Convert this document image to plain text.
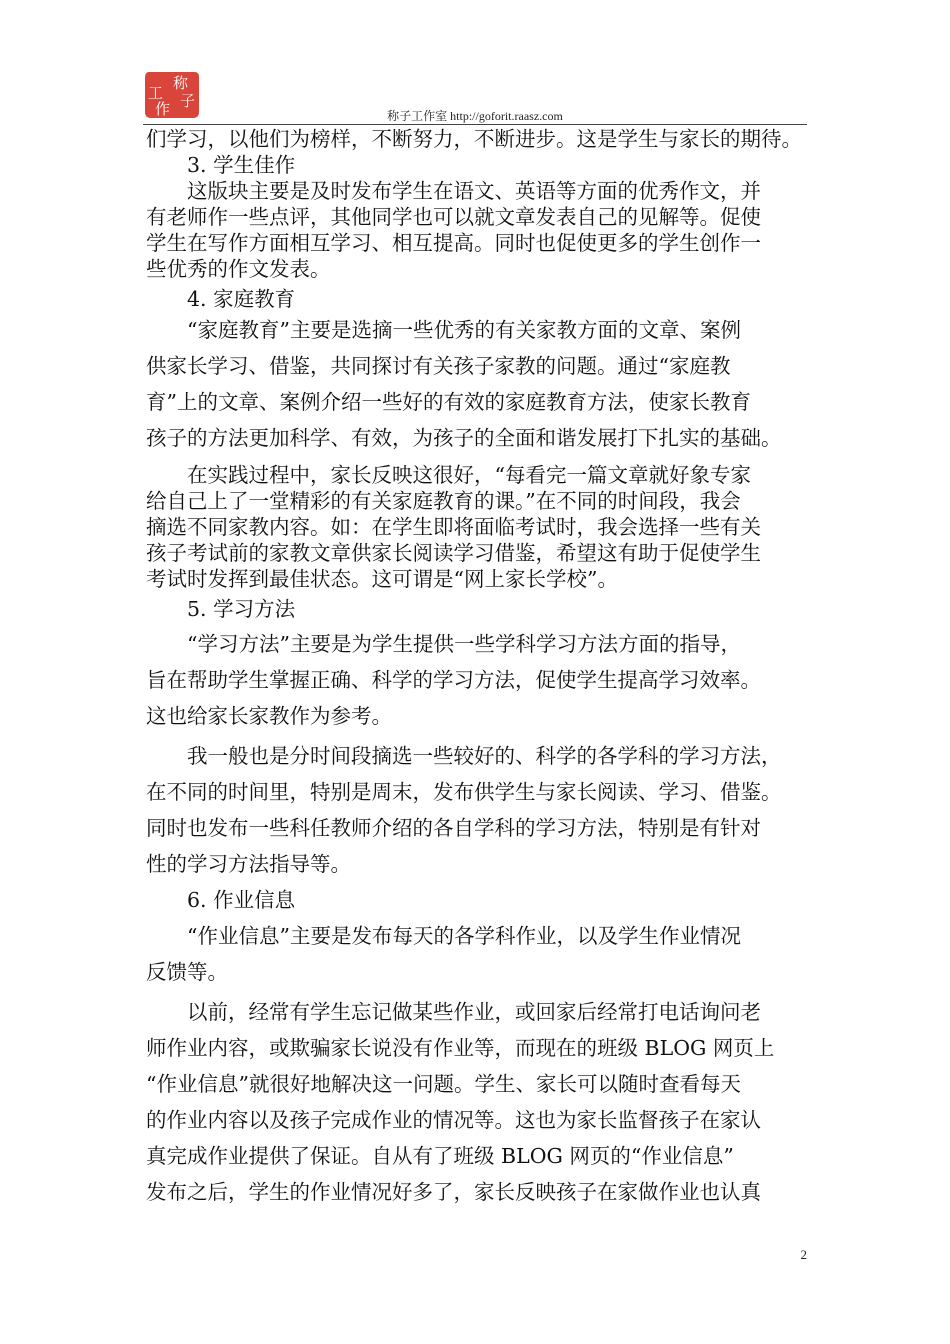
称
子
工
作	称子工作室 http://goforit.raasz.com

们学习，以他们为榜样，不断努力，不断进步。这是学生与家长的期待。

3. 学生佳作

这版块主要是及时发布学生在语文、英语等方面的优秀作文，并

有老师作一些点评，其他同学也可以就文章发表自己的见解等。促使

学生在写作方面相互学习、相互提高。同时也促使更多的学生创作一

些优秀的作文发表。

4. 家庭教育

“家庭教育”主要是选摘一些优秀的有关家教方面的文章、案例

供家长学习、借鉴，共同探讨有关孩子家教的问题。通过“家庭教

育”上的文章、案例介绍一些好的有效的家庭教育方法，使家长教育

孩子的方法更加科学、有效，为孩子的全面和谐发展打下扎实的基础。

在实践过程中，家长反映这很好，“每看完一篇文章就好象专家

给自己上了一堂精彩的有关家庭教育的课。”在不同的时间段，我会

摘选不同家教内容。如：在学生即将面临考试时，我会选择一些有关

孩子考试前的家教文章供家长阅读学习借鉴，希望这有助于促使学生

考试时发挥到最佳状态。这可谓是“网上家长学校”。

5. 学习方法

“学习方法”主要是为学生提供一些学科学习方法方面的指导，

旨在帮助学生掌握正确、科学的学习方法，促使学生提高学习效率。

这也给家长家教作为参考。

我一般也是分时间段摘选一些较好的、科学的各学科的学习方法，

在不同的时间里，特别是周末，发布供学生与家长阅读、学习、借鉴。

同时也发布一些科任教师介绍的各自学科的学习方法，特别是有针对

性的学习方法指导等。

6. 作业信息

“作业信息”主要是发布每天的各学科作业，以及学生作业情况

反馈等。

以前，经常有学生忘记做某些作业，或回家后经常打电话询问老

师作业内容，或欺骗家长说没有作业等，而现在的班级 BLOG 网页上

“作业信息”就很好地解决这一问题。学生、家长可以随时查看每天

的作业内容以及孩子完成作业的情况等。这也为家长监督孩子在家认

真完成作业提供了保证。自从有了班级 BLOG 网页的“作业信息”

发布之后，学生的作业情况好多了，家长反映孩子在家做作业也认真

2
